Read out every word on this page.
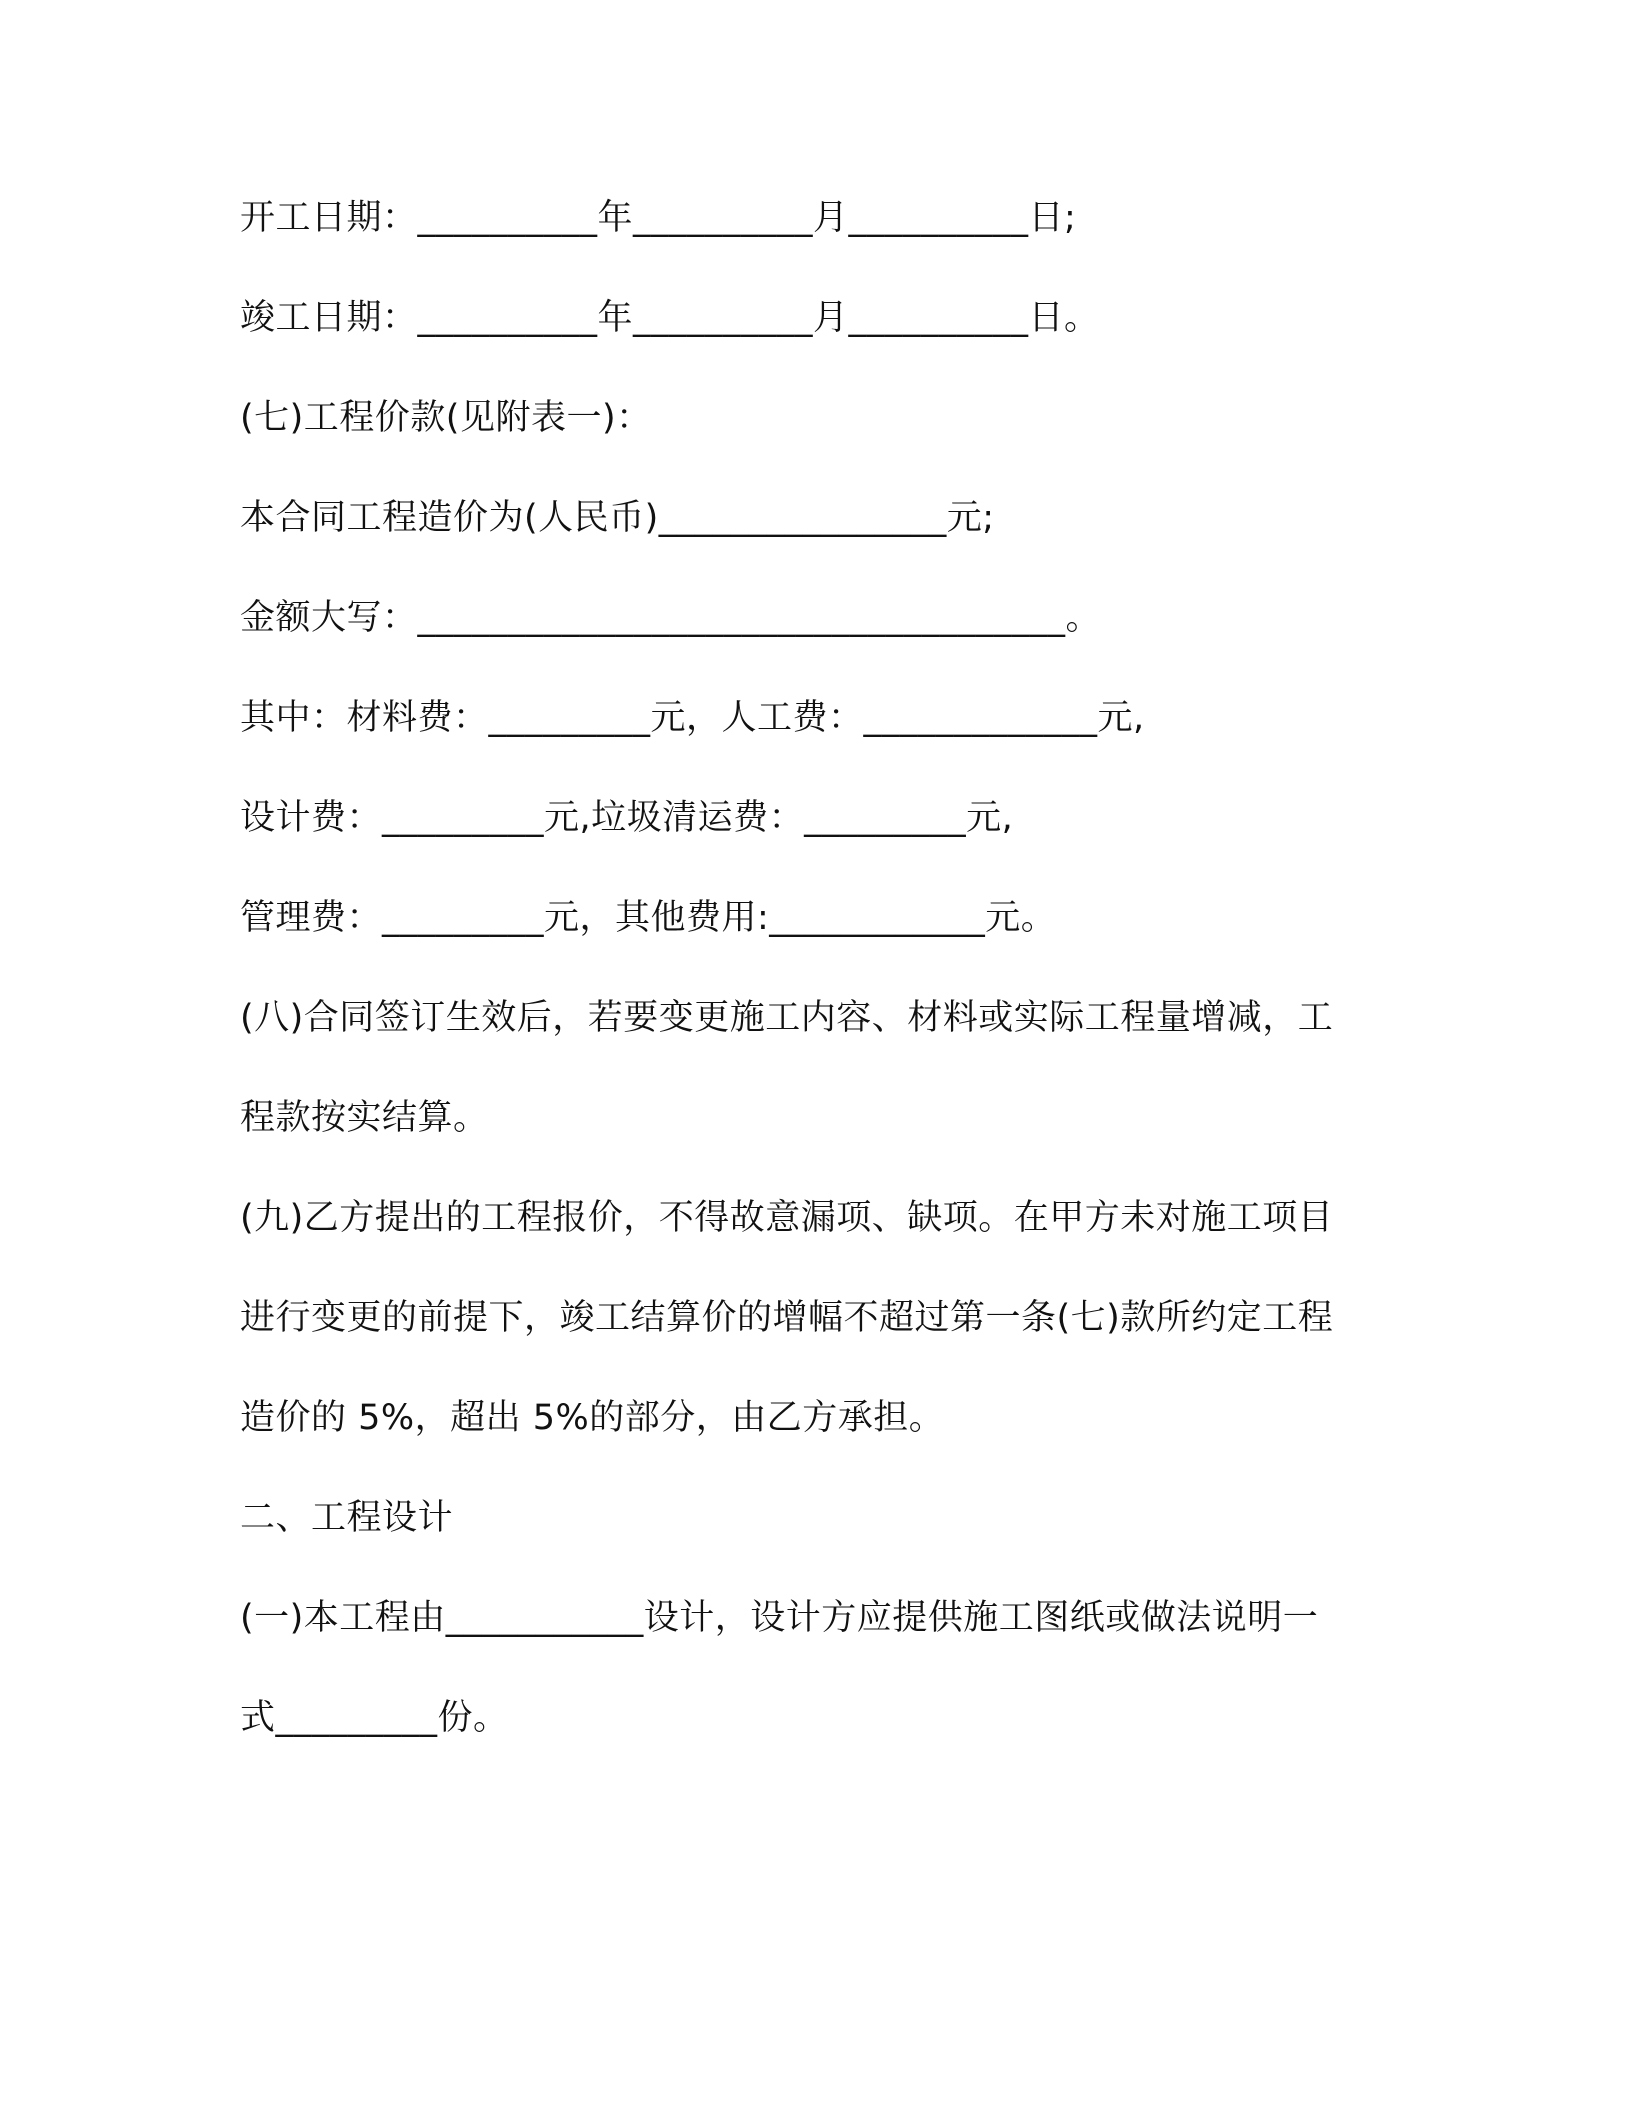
开工日期：__________年__________月__________日;
竣工日期：__________年__________月__________日。
(七)工程价款(见附表一)：
本合同工程造价为(人民币)________________元;
金额大写：____________________________________。
其中：材料费：_________元，人工费：_____________元,
设计费：_________元,垃圾清运费：_________元,
管理费：_________元，其他费用:____________元。
(八)合同签订生效后，若要变更施工内容、材料或实际工程量增减，工
程款按实结算。
(九)乙方提出的工程报价，不得故意漏项、缺项。在甲方未对施工项目
进行变更的前提下，竣工结算价的增幅不超过第一条(七)款所约定工程
造价的 5%，超出 5%的部分，由乙方承担。
二、工程设计
(一)本工程由___________设计，设计方应提供施工图纸或做法说明一
式_________份。
